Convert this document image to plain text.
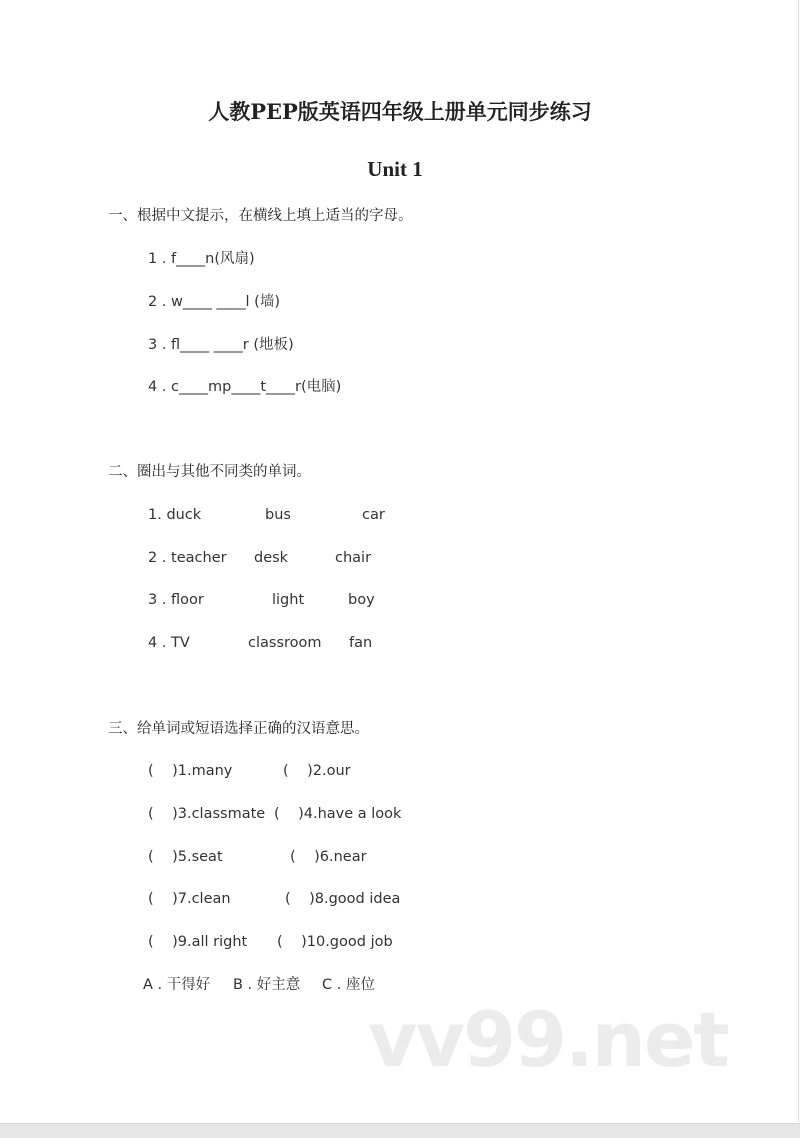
人教PEP版英语四年级上册单元同步练习
Unit 1
一、根据中文提示，在横线上填上适当的字母。
1 . f____n(风扇)
2 . w____ ____l (墙)
3 . fl____ ____r (地板)
4 . c____mp____t____r(电脑)
二、圈出与其他不同类的单词。
1. duck	bus	car
2 . teacher desk	chair
3 . floor	light	boy
4 . TV	classroom fan
三、给单词或短语选择正确的汉语意思。
(    )1.many	(    )2.our
(    )3.classmate (    )4.have a look
(    )5.seat	(    )6.near
(    )7.clean	(    )8.good idea
(    )9.all right (    )10.good job
A . 干得好 B . 好主意 C . 座位
vv99.net
